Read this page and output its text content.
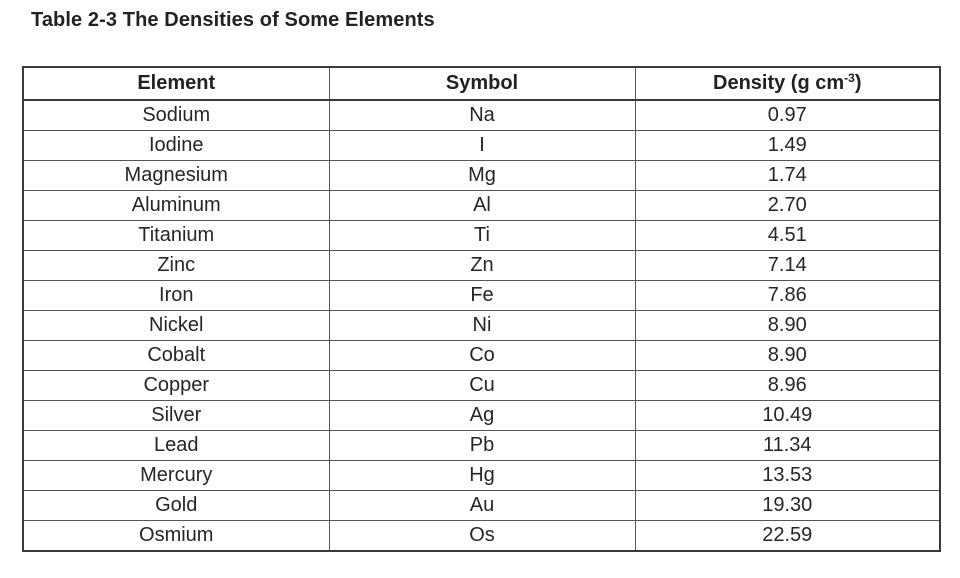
Table 2-3 The Densities of Some Elements
Element	Symbol	Density (g $cm^{-3}$)
Sodium	Na	0.97
Iodine	I	1.49
Magnesium	Mg	1.74
Aluminum	Al	2.70
Titanium	Ti	4.51
Zinc	Zn	7.14
Iron	Fe	7.86
Nickel	Ni	8.90
Cobalt	Co	8.90
Copper	Cu	8.96
Silver	Ag	10.49
Lead	Pb	11.34
Mercury	Hg	13.53
Gold	Au	19.30
Osmium	Os	22.59
